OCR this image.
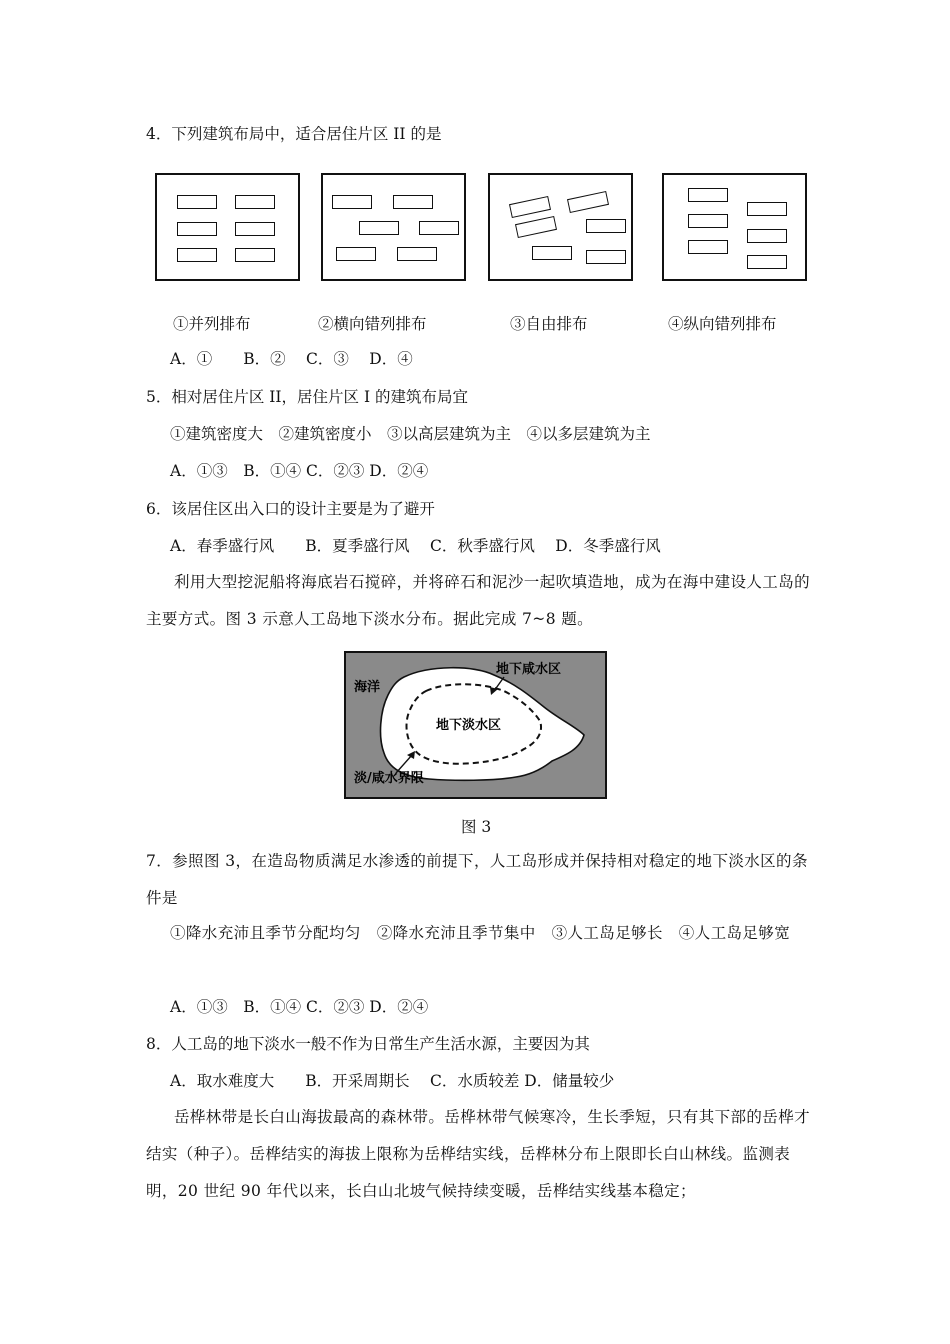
4．下列建筑布局中，适合居住片区 II 的是
①并列排布	②横向错列排布	③自由排布	④纵向错列排布
A．①　　B．②　 C．③　 D．④
5．相对居住片区 II，居住片区 I 的建筑布局宜
①建筑密度大　②建筑密度小　③以高层建筑为主　④以多层建筑为主
A．①③　B．①④ C．②③ D．②④
6．该居住区出入口的设计主要是为了避开
A．春季盛行风　　B．夏季盛行风　 C．秋季盛行风　 D．冬季盛行风
利用大型挖泥船将海底岩石搅碎，并将碎石和泥沙一起吹填造地，成为在海中建设人工岛的主要方式。图 3 示意人工岛地下淡水分布。据此完成 7~8 题。
海洋
地下咸水区
地下淡水区
淡/咸水界限
图 3
7．参照图 3，在造岛物质满足水渗透的前提下，人工岛形成并保持相对稳定的地下淡水区的条件是
①降水充沛且季节分配均匀　②降水充沛且季节集中　③人工岛足够长　④人工岛足够宽
A．①③　B．①④ C．②③ D．②④
8．人工岛的地下淡水一般不作为日常生产生活水源，主要因为其
A．取水难度大　　B．开采周期长　 C．水质较差 D．储量较少
岳桦林带是长白山海拔最高的森林带。岳桦林带气候寒冷，生长季短，只有其下部的岳桦才结实（种子）。岳桦结实的海拔上限称为岳桦结实线，岳桦林分布上限即长白山林线。监测表明，20 世纪 90 年代以来，长白山北坡气候持续变暖，岳桦结实线基本稳定；
